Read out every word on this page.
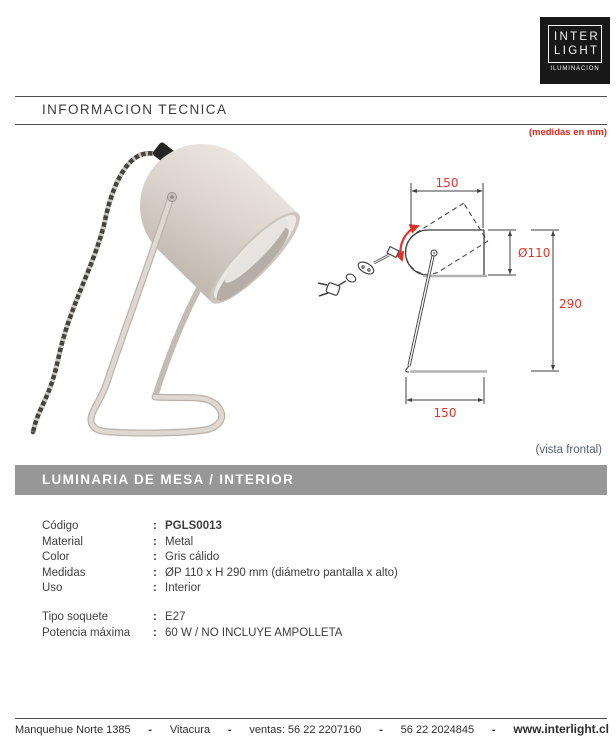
INTER
LIGHT
ILUMINACION
INFORMACION TECNICA
(medidas en mm)
150
Ø110
290
150
(vista frontal)
LUMINARIA DE MESA / INTERIOR
Código	: PGLS0013
Material	: Metal
Color	: Gris cálido
Medidas	: ØP 110 x H 290 mm (diámetro pantalla x alto)
Uso	: Interior
Tipo soquete	: E27
Potencia máxima	: 60 W / NO INCLUYE AMPOLLETA
Manquehue Norte 1385 - Vitacura - ventas: 56 22 2207160 - 56 22 2024845 - www.interlight.cl
